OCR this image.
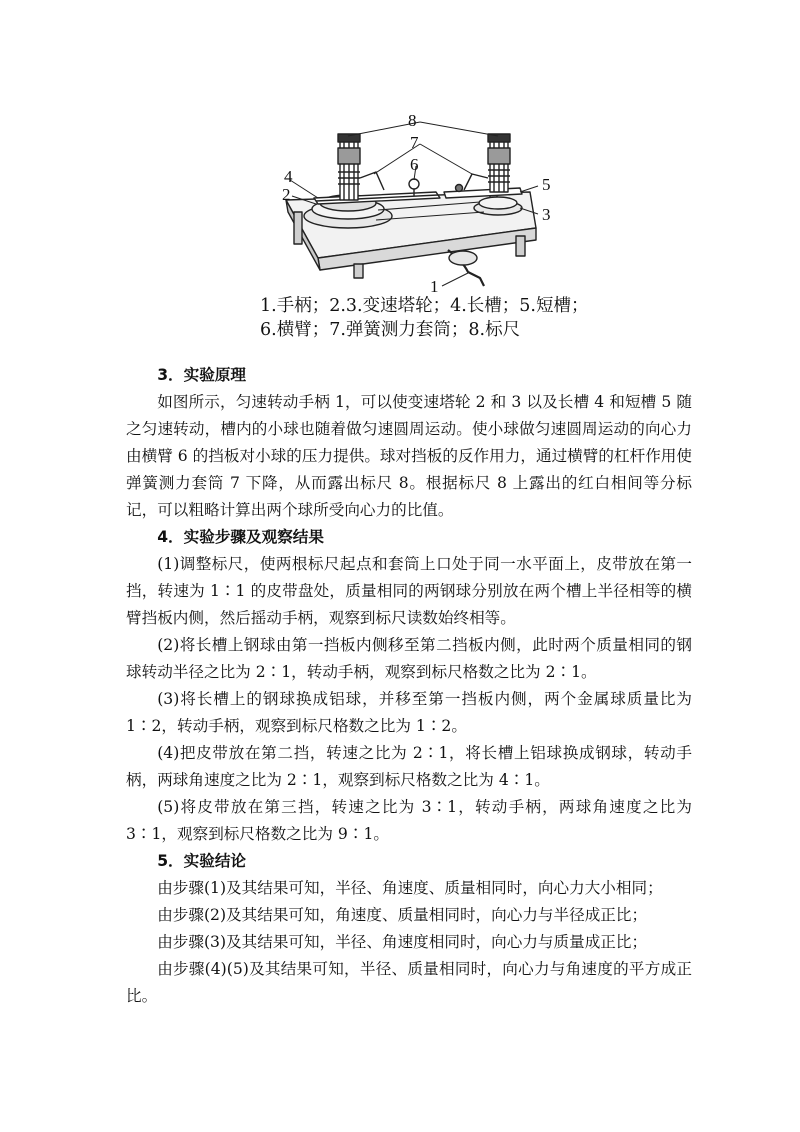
8
7
6
4
2
5
3
1
1.手柄；2.3.变速塔轮；4.长槽；5.短槽；
6.横臂；7.弹簧测力套筒；8.标尺

3．实验原理

如图所示，匀速转动手柄 1，可以使变速塔轮 2 和 3 以及长槽 4 和短槽 5 随之匀速转动，槽内的小球也随着做匀速圆周运动。使小球做匀速圆周运动的向心力由横臂 6 的挡板对小球的压力提供。球对挡板的反作用力，通过横臂的杠杆作用使弹簧测力套筒 7 下降，从而露出标尺 8。根据标尺 8 上露出的红白相间等分标记，可以粗略计算出两个球所受向心力的比值。

4．实验步骤及观察结果

(1)调整标尺，使两根标尺起点和套筒上口处于同一水平面上，皮带放在第一挡，转速为 1∶1 的皮带盘处，质量相同的两钢球分别放在两个槽上半径相等的横臂挡板内侧，然后摇动手柄，观察到标尺读数始终相等。

(2)将长槽上钢球由第一挡板内侧移至第二挡板内侧，此时两个质量相同的钢球转动半径之比为 2∶1，转动手柄，观察到标尺格数之比为 2∶1。

(3)将长槽上的钢球换成铝球，并移至第一挡板内侧，两个金属球质量比为 1∶2，转动手柄，观察到标尺格数之比为 1∶2。

(4)把皮带放在第二挡，转速之比为 2∶1，将长槽上铝球换成钢球，转动手柄，两球角速度之比为 2∶1，观察到标尺格数之比为 4∶1。

(5)将皮带放在第三挡，转速之比为 3∶1，转动手柄，两球角速度之比为 3∶1，观察到标尺格数之比为 9∶1。

5．实验结论

由步骤(1)及其结果可知，半径、角速度、质量相同时，向心力大小相同；

由步骤(2)及其结果可知，角速度、质量相同时，向心力与半径成正比；

由步骤(3)及其结果可知，半径、角速度相同时，向心力与质量成正比；

由步骤(4)(5)及其结果可知，半径、质量相同时，向心力与角速度的平方成正比。
